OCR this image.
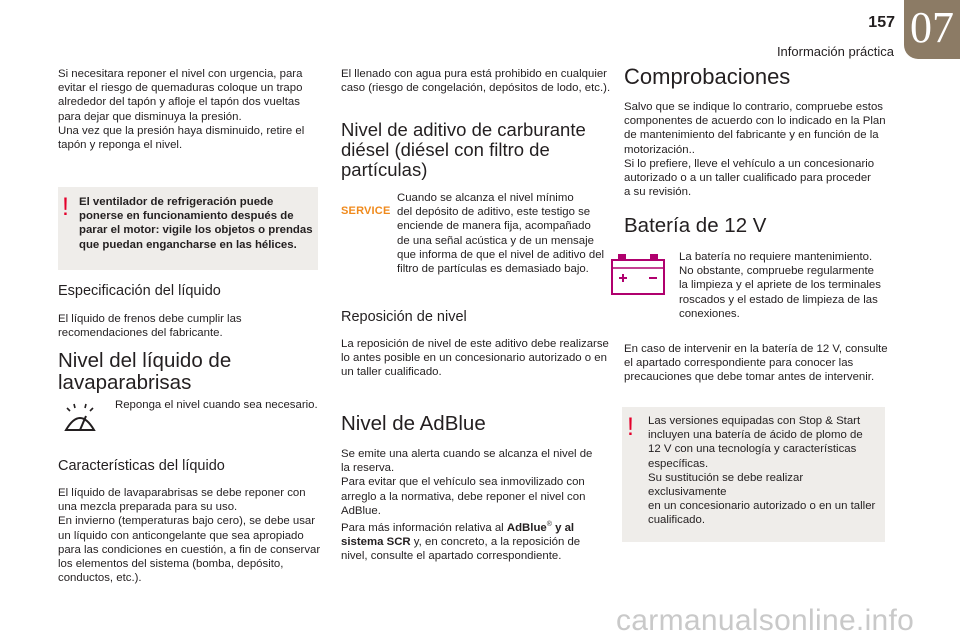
157
Información práctica 07

Si necesitara reponer el nivel con urgencia, para
evitar el riesgo de quemaduras coloque un trapo
alrededor del tapón y afloje el tapón dos vueltas
para dejar que disminuya la presión.
Una vez que la presión haya disminuido, retire el
tapón y reponga el nivel.

! El ventilador de refrigeración puede
ponerse en funcionamiento después de
parar el motor: vigile los objetos o prendas
que puedan engancharse en las hélices.

Especificación del líquido

El líquido de frenos debe cumplir las
recomendaciones del fabricante.

Nivel del líquido de
lavaparabrisas

Reponga el nivel cuando sea necesario.

Características del líquido

El líquido de lavaparabrisas se debe reponer con
una mezcla preparada para su uso.
En invierno (temperaturas bajo cero), se debe usar
un líquido con anticongelante que sea apropiado
para las condiciones en cuestión, a fin de conservar
los elementos del sistema (bomba, depósito,
conductos, etc.).

El llenado con agua pura está prohibido en cualquier
caso (riesgo de congelación, depósitos de lodo, etc.).

Nivel de aditivo de carburante
diésel (diésel con filtro de
partículas)
SERVICE

Cuando se alcanza el nivel mínimo
del depósito de aditivo, este testigo se
enciende de manera fija, acompañado
de una señal acústica y de un mensaje
que informa de que el nivel de aditivo del
filtro de partículas es demasiado bajo.

Reposición de nivel

La reposición de nivel de este aditivo debe realizarse
lo antes posible en un concesionario autorizado o en
un taller cualificado.

Nivel de AdBlue

Se emite una alerta cuando se alcanza el nivel de
la reserva.
Para evitar que el vehículo sea inmovilizado con
arreglo a la normativa, debe reponer el nivel con
AdBlue.
Para más información relativa al AdBlue® y al
sistema SCR y, en concreto, a la reposición de
nivel, consulte el apartado correspondiente.

Comprobaciones

Salvo que se indique lo contrario, compruebe estos
componentes de acuerdo con lo indicado en la Plan
de mantenimiento del fabricante y en función de la
motorización..
Si lo prefiere, lleve el vehículo a un concesionario
autorizado o a un taller cualificado para proceder
a su revisión.

Batería de 12 V

La batería no requiere mantenimiento.
No obstante, compruebe regularmente
la limpieza y el apriete de los terminales
roscados y el estado de limpieza de las
conexiones.

En caso de intervenir en la batería de 12 V, consulte
el apartado correspondiente para conocer las
precauciones que debe tomar antes de intervenir.

! Las versiones equipadas con Stop & Start
incluyen una batería de ácido de plomo de
12 V con una tecnología y características
específicas.
Su sustitución se debe realizar exclusivamente
en un concesionario autorizado o en un taller
cualificado.

carmanualsonline.info
